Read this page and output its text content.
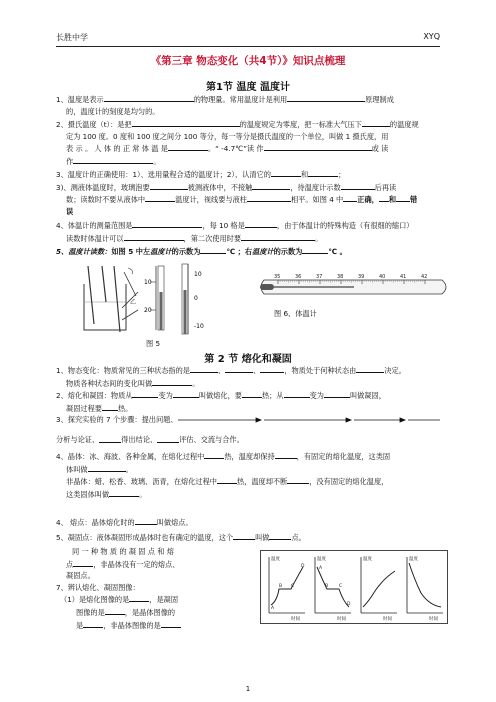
长胜中学	XYQ
《第三章 物态变化（共4节）》知识点梳理
第1节 温度 温度计
1、温度是表示	的物理量。常用温度计是利用	原理制成
的，温度计的刻度是均匀的。
2、摄氏温度（t）：是把	的温度规定为零度，把一标准大气压下	的温度规
定为 100 度。0 度和 100 度之间分 100 等分，每一等分是摄氏温度的一个单位，叫做 1 摄氏度，用
表 示 。 人 体 的 正 常 体 温 是	。“ -4.7℃”读 作	或 读
作	。
3、温度计的正确使用：1）、选用量程合适的温度计；2）、认清它的	和	；
3)、测液体温度时，玻璃泡要	被测液体中，不接触	，待温度计示数	后再读
数；读数时不要从液体中	温度计，视线要与液柱	相平。如图 4 中 正确， 和 错
误
4、体温计的测量范围是	，每 10 格是	，由于体温计的特殊构造（有很细的缩口）
读数时体温计可以	，第二次使用时要	。
5、温度计读数：如图 5 中左温度计的示数为	℃ ；右温度计的示数为	℃ 。
乙
10
20
10
0
-10
35	36	37	38	39	40	41	42
图 6、体温计
图 5
第 2 节 熔化和凝固
1、物态变化：物质常见的三种状态指的是	、	、	，物质处于何种状态由	决定。
物质各种状态间的变化叫做	。
2、熔化和凝固：物质从	变为	叫做熔化，要	热；从	变为	叫做凝固，
凝固过程要 热。
3、探究实验的 7 个步骤：提出问题、
分析与论证、	得出结论、	评估、交流与合作。
4、晶体：冰、海波、各种金属，在熔化过程中	热，温度却保持	，有固定的熔化温度，这类固
体叫做	。
非晶体：蜡、松香、玻璃、沥青，在熔化过程中	热，温度却不断	，没有固定的熔化温度，
这类固体叫做	。
4、 熔点：晶体熔化时的	叫做熔点。
5、凝固点：液体凝固形成晶体时也有确定的温度，这个	叫做	点。
同 一 种 物 质 的 凝 固 点 和 熔
点	，非晶体没有一定的熔点、
凝固点。
7、辨认熔化、凝固图像：
（1）是熔化图像的是	，是凝固
图像的是	，是晶体图像的
是	，非晶体图像的是
温度
时间
A
B C
D
温度
时间
A
B C
D
温度
时间
温度
时间
1
